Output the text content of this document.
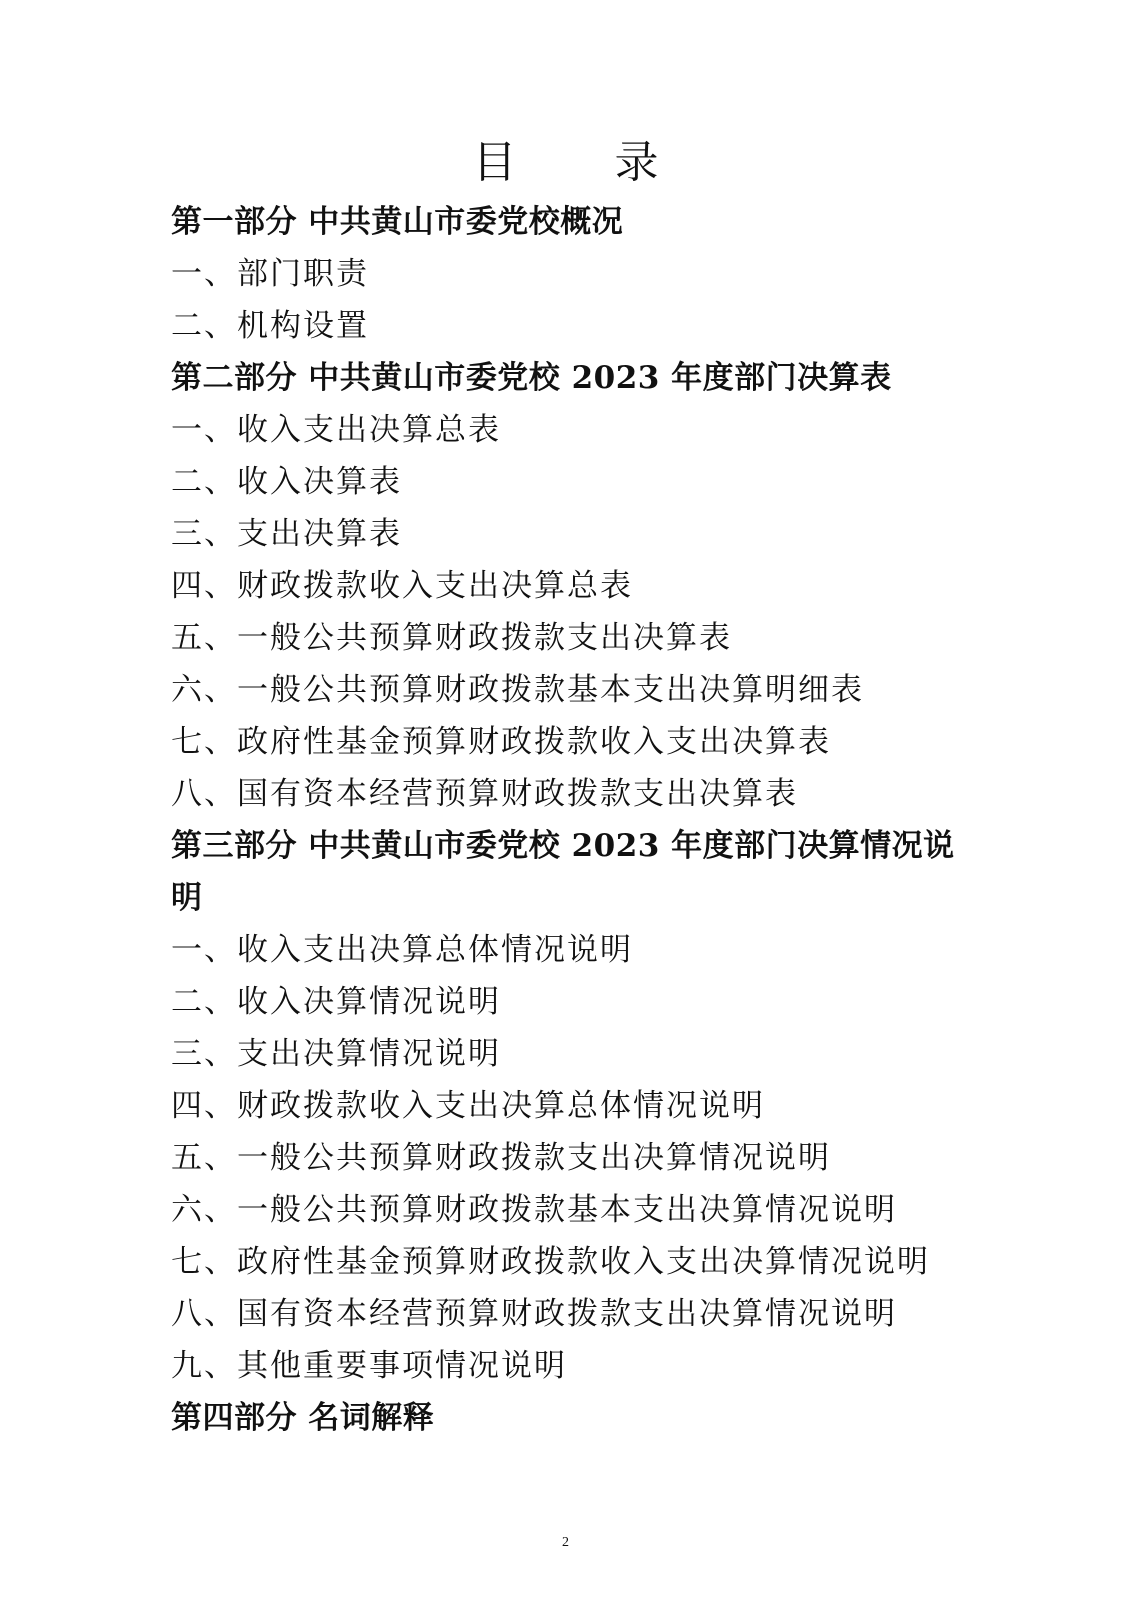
目 录
第一部分 中共黄山市委党校概况
一、部门职责
二、机构设置
第二部分 中共黄山市委党校 2023 年度部门决算表
一、收入支出决算总表
二、收入决算表
三、支出决算表
四、财政拨款收入支出决算总表
五、一般公共预算财政拨款支出决算表
六、一般公共预算财政拨款基本支出决算明细表
七、政府性基金预算财政拨款收入支出决算表
八、国有资本经营预算财政拨款支出决算表
第三部分 中共黄山市委党校 2023 年度部门决算情况说明
一、收入支出决算总体情况说明
二、收入决算情况说明
三、支出决算情况说明
四、财政拨款收入支出决算总体情况说明
五、一般公共预算财政拨款支出决算情况说明
六、一般公共预算财政拨款基本支出决算情况说明
七、政府性基金预算财政拨款收入支出决算情况说明
八、国有资本经营预算财政拨款支出决算情况说明
九、其他重要事项情况说明
第四部分 名词解释
2
